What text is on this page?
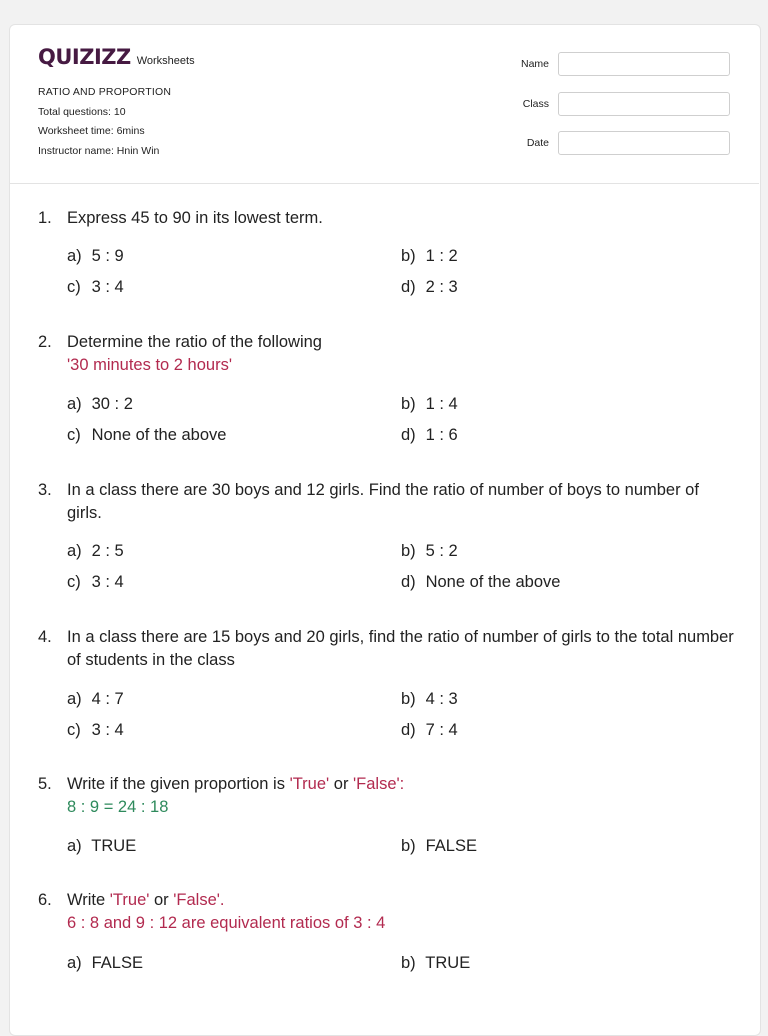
QUIZIZZ Worksheets
RATIO AND PROPORTION
Total questions: 10
Worksheet time: 6mins
Instructor name: Hnin Win
Name
Class
Date
1. Express 45 to 90 in its lowest term.
a) 5 : 9	b) 1 : 2
c) 3 : 4	d) 2 : 3
2. Determine the ratio of the following
'30 minutes to 2 hours'
a) 30 : 2	b) 1 : 4
c) None of the above	d) 1 : 6
3. In a class there are 30 boys and 12 girls. Find the ratio of number of boys to number of girls.
a) 2 : 5	b) 5 : 2
c) 3 : 4	d) None of the above
4. In a class there are 15 boys and 20 girls, find the ratio of number of girls to the total number of students in the class
a) 4 : 7	b) 4 : 3
c) 3 : 4	d) 7 : 4
5. Write if the given proportion is 'True' or 'False':
8 : 9 = 24 : 18
a) TRUE	b) FALSE
6. Write 'True' or 'False'.
6 : 8 and 9 : 12 are equivalent ratios of 3 : 4
a) FALSE	b) TRUE
